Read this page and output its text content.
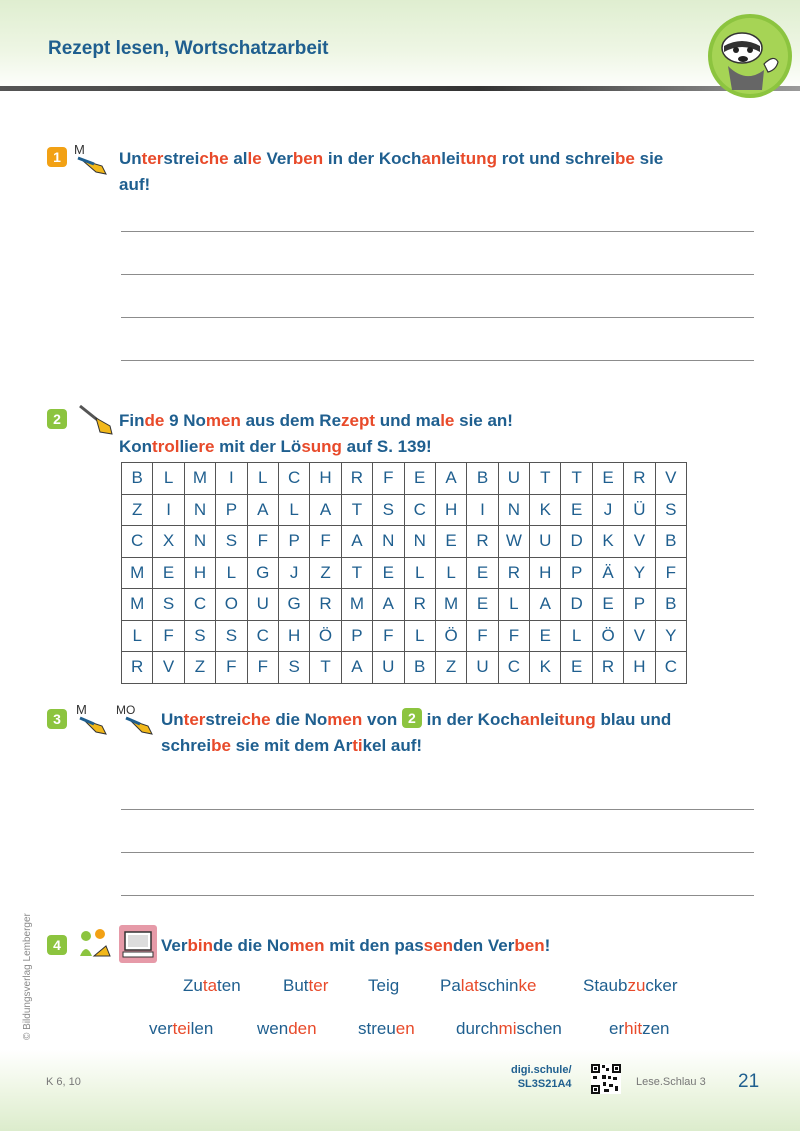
Rezept lesen, Wortschatzarbeit
1	M Unterstreiche alle Verben in der Kochanleitung rot und schreibe sie
auf!
2	Finde 9 Nomen aus dem Rezept und male sie an!
Kontrolliere mit der Lösung auf S. 139!
B	L	M	I	L	C	H	R	F	E	A	B	U	T	T	E	R	V
Z	I	N	P	A	L	A	T	S	C	H	I	N	K	E	J	Ü	S
C	X	N	S	F	P	F	A	N	N	E	R	W	U	D	K	V	B
M	E	H	L	G	J	Z	T	E	L	L	E	R	H	P	Ä	Y	F
M	S	C	O	U	G	R	M	A	R	M	E	L	A	D	E	P	B
L	F	S	S	C	H	Ö	P	F	L	Ö	F	F	E	L	Ö	V	Y
R	V	Z	F	F	S	T	A	U	B	Z	U	C	K	E	R	H	C
3
M MO Unterstreiche die Nomen von 2 in der Kochanleitung blau und
schreibe sie mit dem Artikel auf!
4	Verbinde die Nomen mit den passenden Verben!
Zutaten Butter Teig Palatschinke	Staubzucker
verteilen	wenden streuen durchmischen	erhitzen
© Bildungsverlag Lemberger
K 6, 10
digi.schule/
SL3S21A4	Lese.Schlau 3 21
